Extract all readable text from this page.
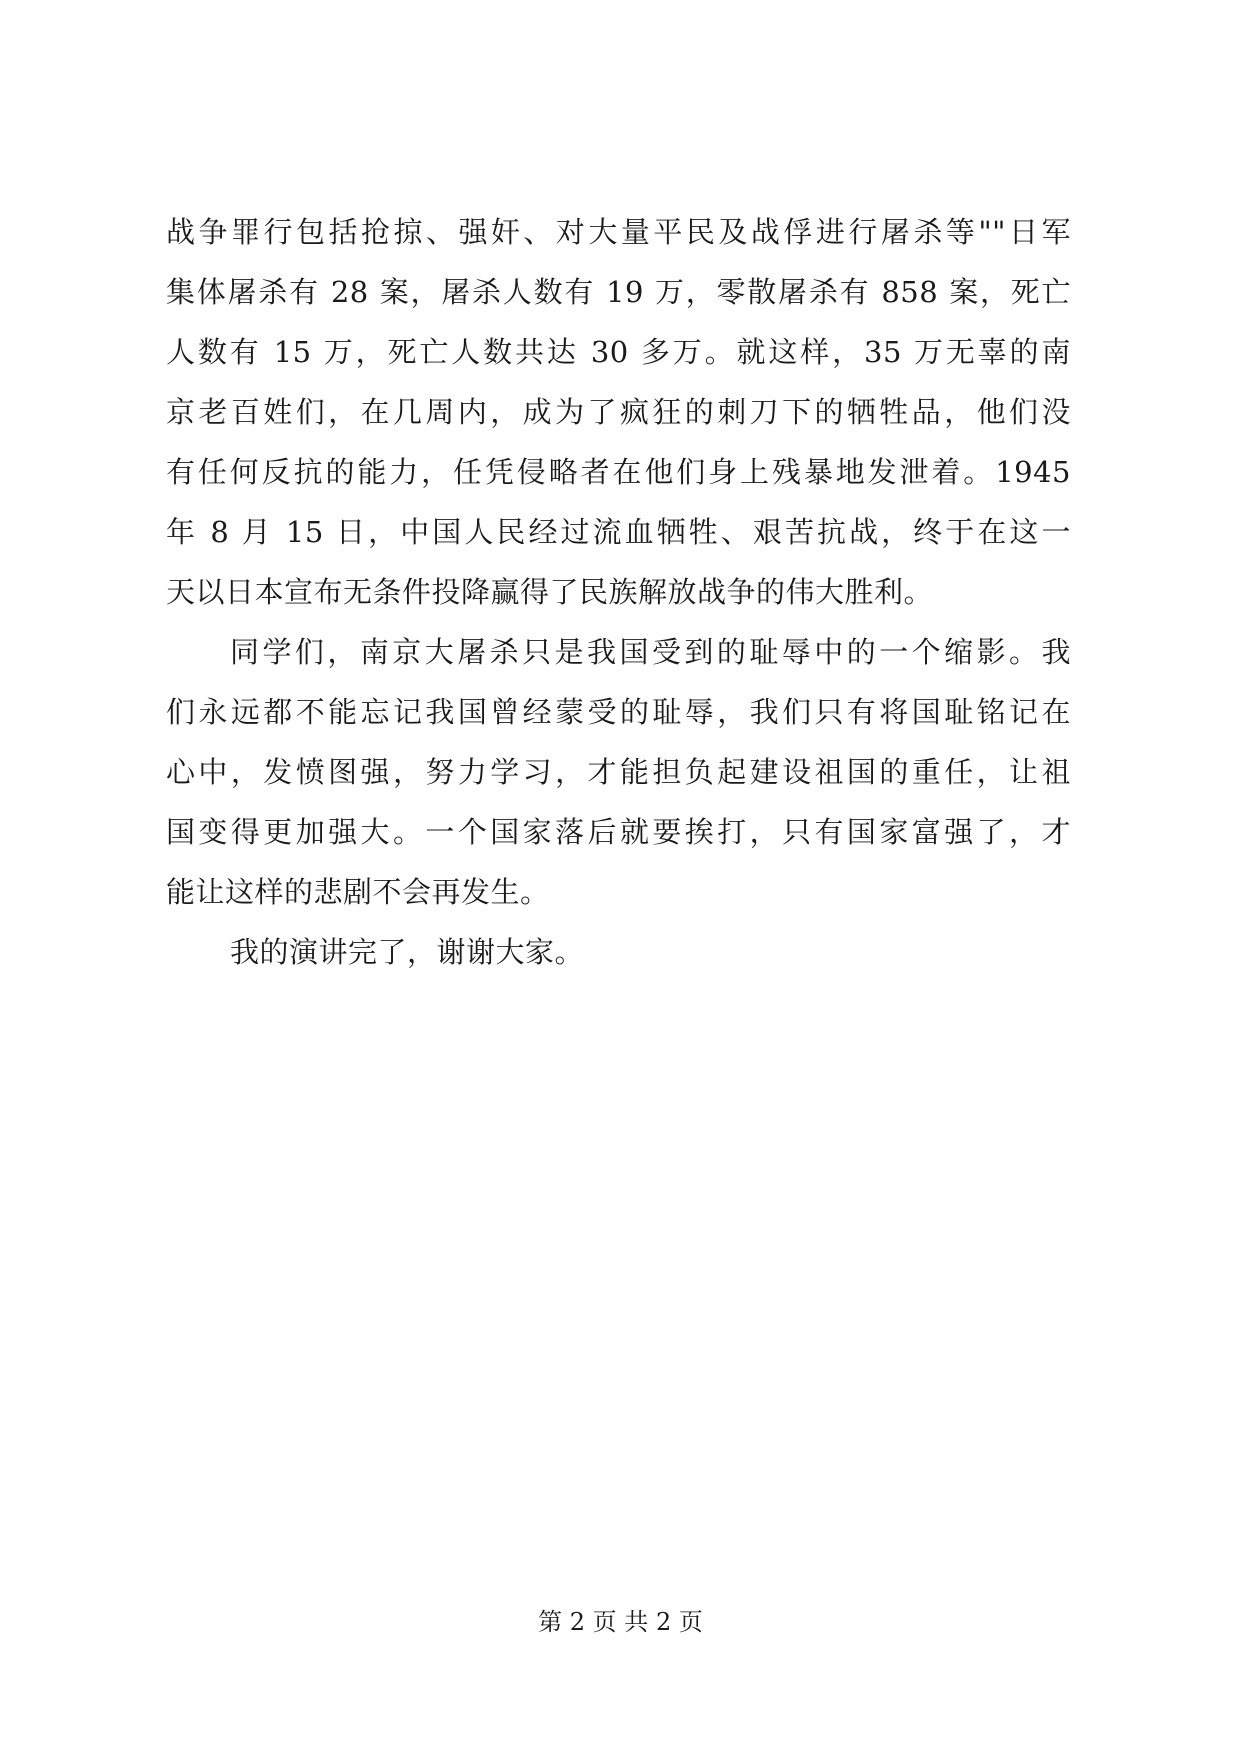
战争罪行包括抢掠、强奸、对大量平民及战俘进行屠杀等""日军
集体屠杀有 28 案，屠杀人数有 19 万，零散屠杀有 858 案，死亡
人数有 15 万，死亡人数共达 30 多万。就这样，35 万无辜的南
京老百姓们，在几周内，成为了疯狂的刺刀下的牺牲品，他们没
有任何反抗的能力，任凭侵略者在他们身上残暴地发泄着。1945
年 8 月 15 日，中国人民经过流血牺牲、艰苦抗战，终于在这一
天以日本宣布无条件投降赢得了民族解放战争的伟大胜利。
同学们，南京大屠杀只是我国受到的耻辱中的一个缩影。我
们永远都不能忘记我国曾经蒙受的耻辱，我们只有将国耻铭记在
心中，发愤图强，努力学习，才能担负起建设祖国的重任，让祖
国变得更加强大。一个国家落后就要挨打，只有国家富强了，才
能让这样的悲剧不会再发生。
我的演讲完了，谢谢大家。
第 2 页 共 2 页
